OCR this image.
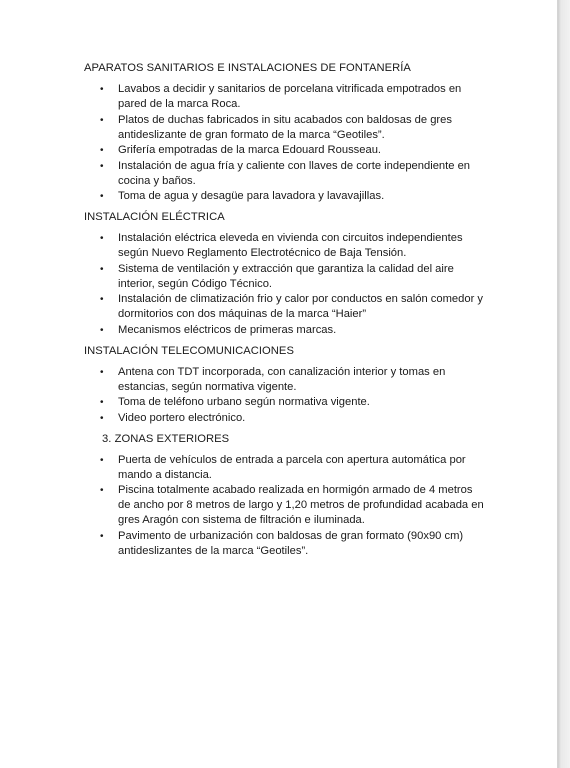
APARATOS SANITARIOS E INSTALACIONES DE FONTANERÍA
• Lavabos a decidir y sanitarios de porcelana vitrificada empotrados en pared de la marca Roca.
• Platos de duchas fabricados in situ acabados con baldosas de gres antideslizante de gran formato de la marca “Geotiles”.
• Grifería empotradas de la marca Edouard Rousseau.
• Instalación de agua fría y caliente con llaves de corte independiente en cocina y baños.
• Toma de agua y desagüe para lavadora y lavavajillas.
INSTALACIÓN ELÉCTRICA
• Instalación eléctrica eleveda en vivienda con circuitos independientes según Nuevo Reglamento Electrotécnico de Baja Tensión.
• Sistema de ventilación y extracción que garantiza la calidad del aire interior, según Código Técnico.
• Instalación de climatización frio y calor por conductos en salón comedor y dormitorios con dos máquinas de la marca “Haier”
• Mecanismos eléctricos de primeras marcas.
INSTALACIÓN TELECOMUNICACIONES
• Antena con TDT incorporada, con canalización interior y tomas en estancias, según normativa vigente.
• Toma de teléfono urbano según normativa vigente.
• Video portero electrónico.
3. ZONAS EXTERIORES
• Puerta de vehículos de entrada a parcela con apertura automática por mando a distancia.
• Piscina totalmente acabado realizada en hormigón armado de 4 metros de ancho por 8 metros de largo y 1,20 metros de profundidad acabada en gres Aragón con sistema de filtración e iluminada.
• Pavimento de urbanización con baldosas de gran formato (90x90 cm) antideslizantes de la marca “Geotiles”.
